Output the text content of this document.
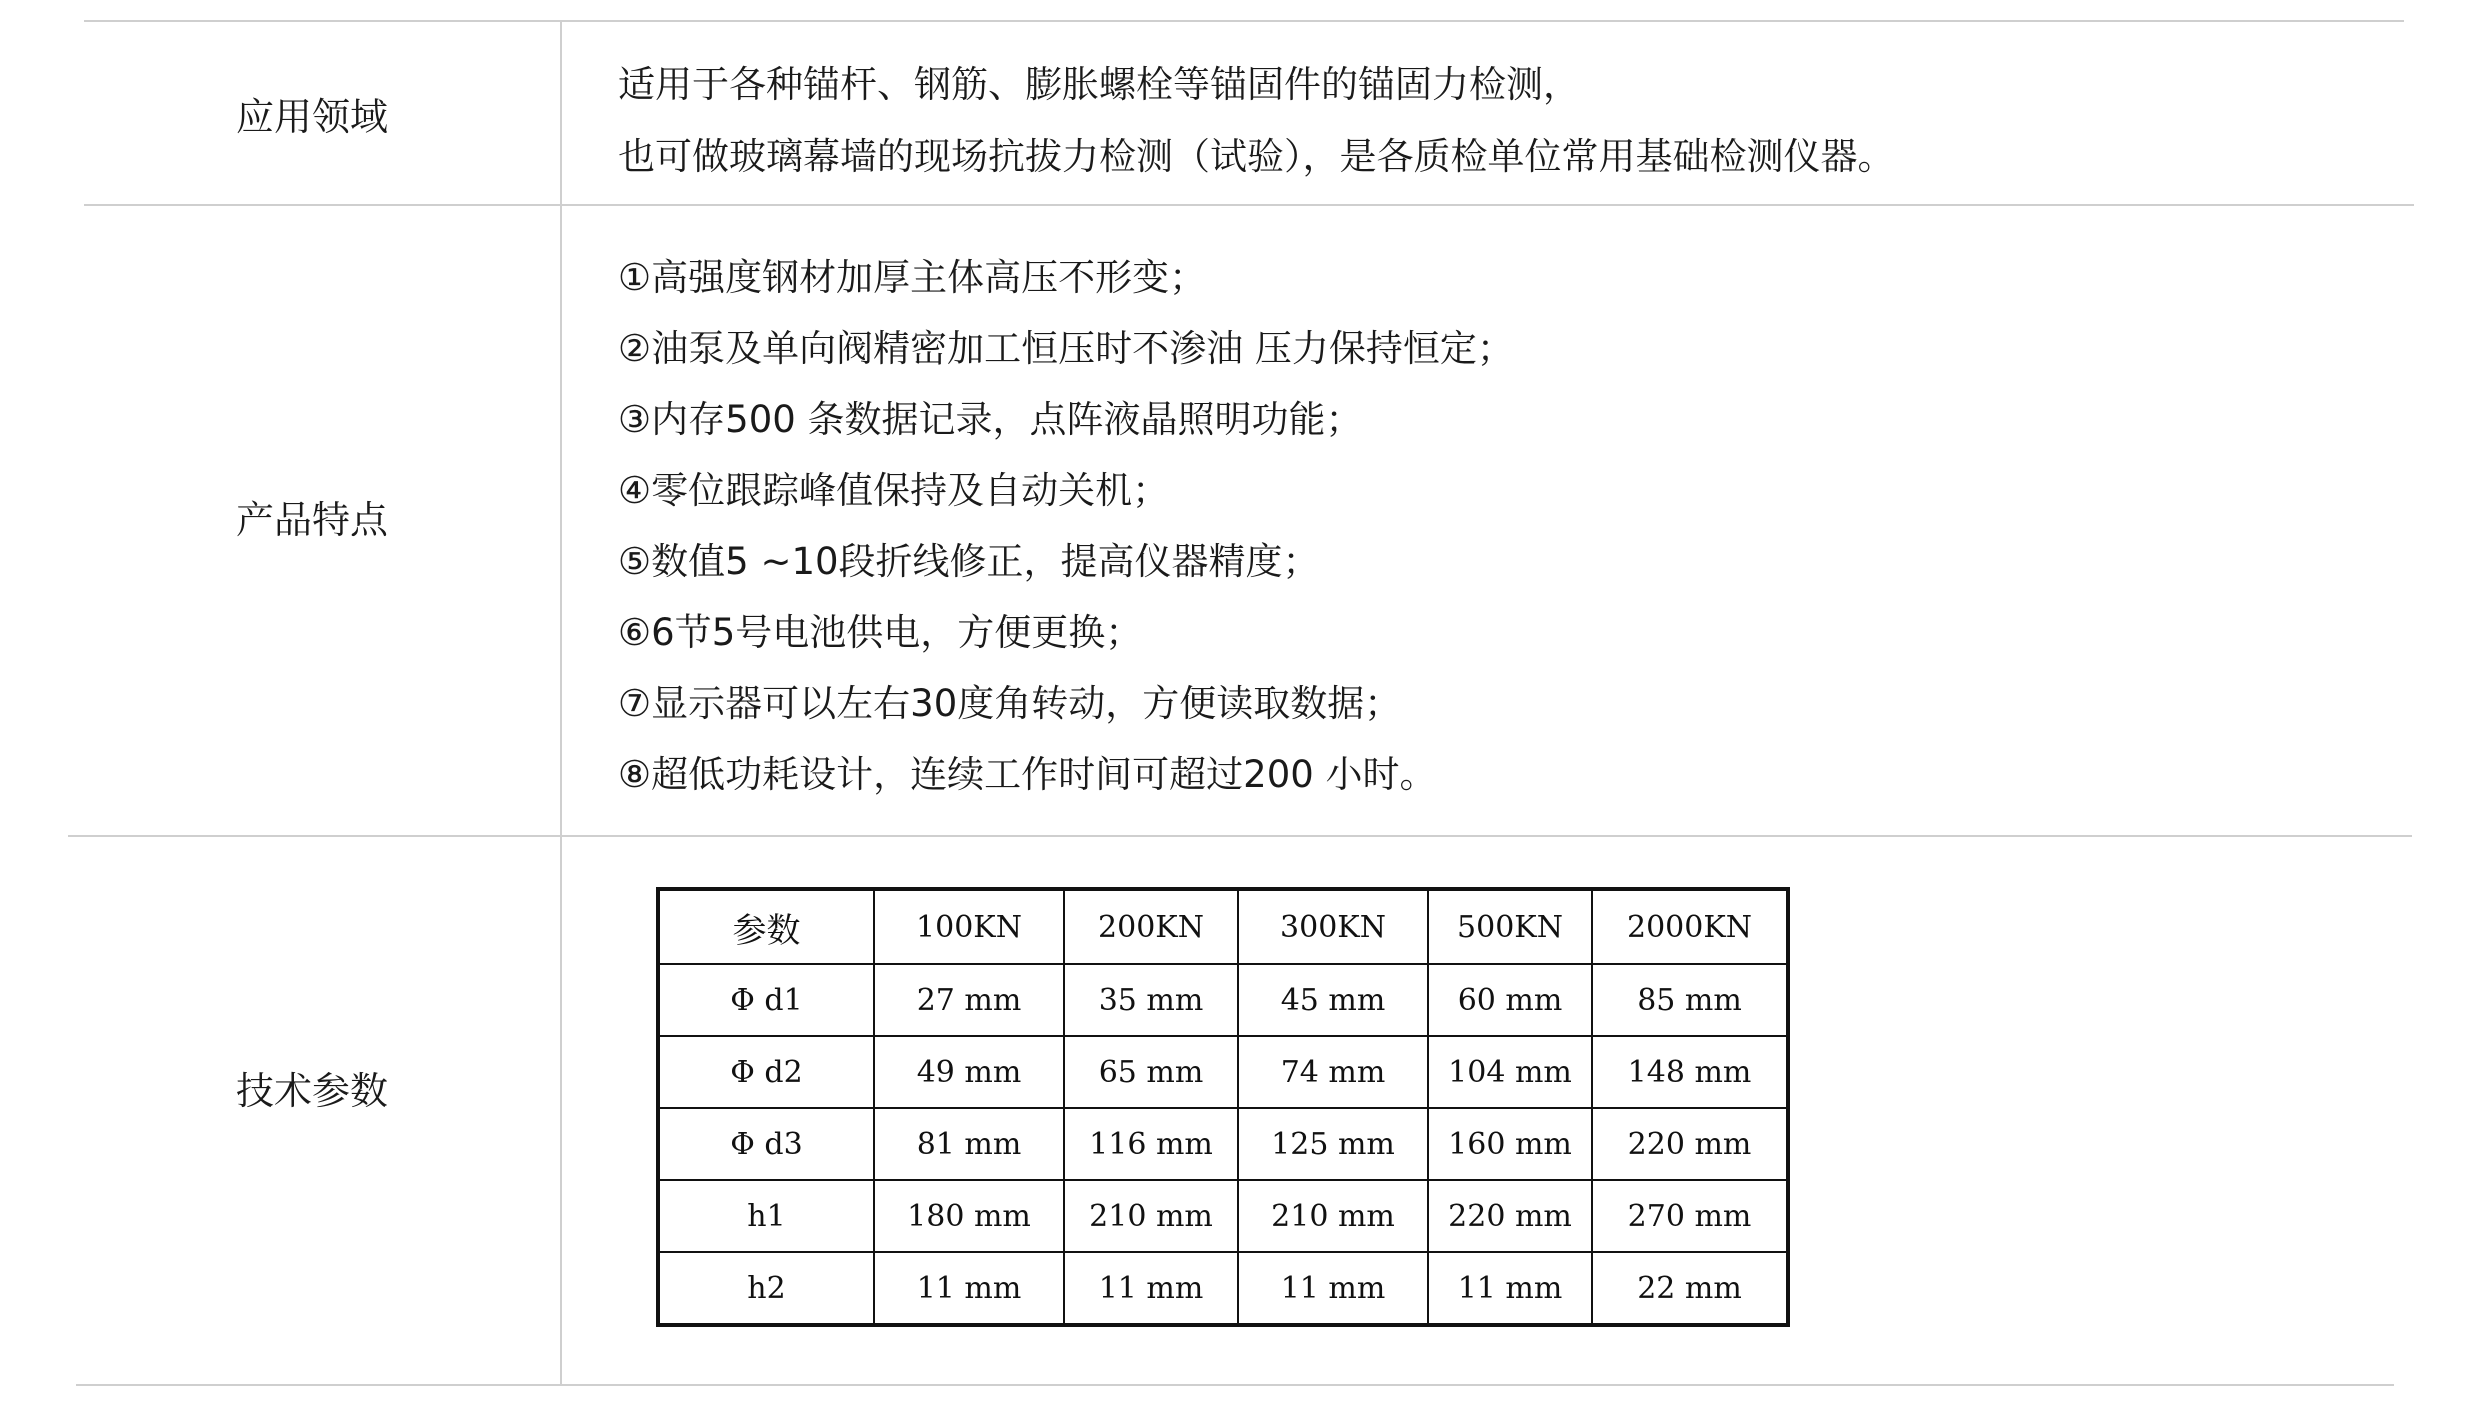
应用领域
适用于各种锚杆、钢筋、膨胀螺栓等锚固件的锚固力检测，
也可做玻璃幕墙的现场抗拔力检测（试验），是各质检单位常用基础检测仪器。
产品特点
①高强度钢材加厚主体高压不形变；
②油泵及单向阀精密加工恒压时不渗油 压力保持恒定；
③内存500 条数据记录，点阵液晶照明功能；
④零位跟踪峰值保持及自动关机；
⑤数值5 ~10段折线修正，提高仪器精度；
⑥6节5号电池供电，方便更换；
⑦显示器可以左右30度角转动，方便读取数据；
⑧超低功耗设计，连续工作时间可超过200 小时。
技术参数
参数	100KN	200KN	300KN	500KN	2000KN
Φ d1	27 mm	35 mm	45 mm	60 mm	85 mm
Φ d2	49 mm	65 mm	74 mm	104 mm	148 mm
Φ d3	81 mm	116 mm	125 mm	160 mm	220 mm
h1	180 mm	210 mm	210 mm	220 mm	270 mm
h2	11 mm	11 mm	11 mm	11 mm	22 mm
